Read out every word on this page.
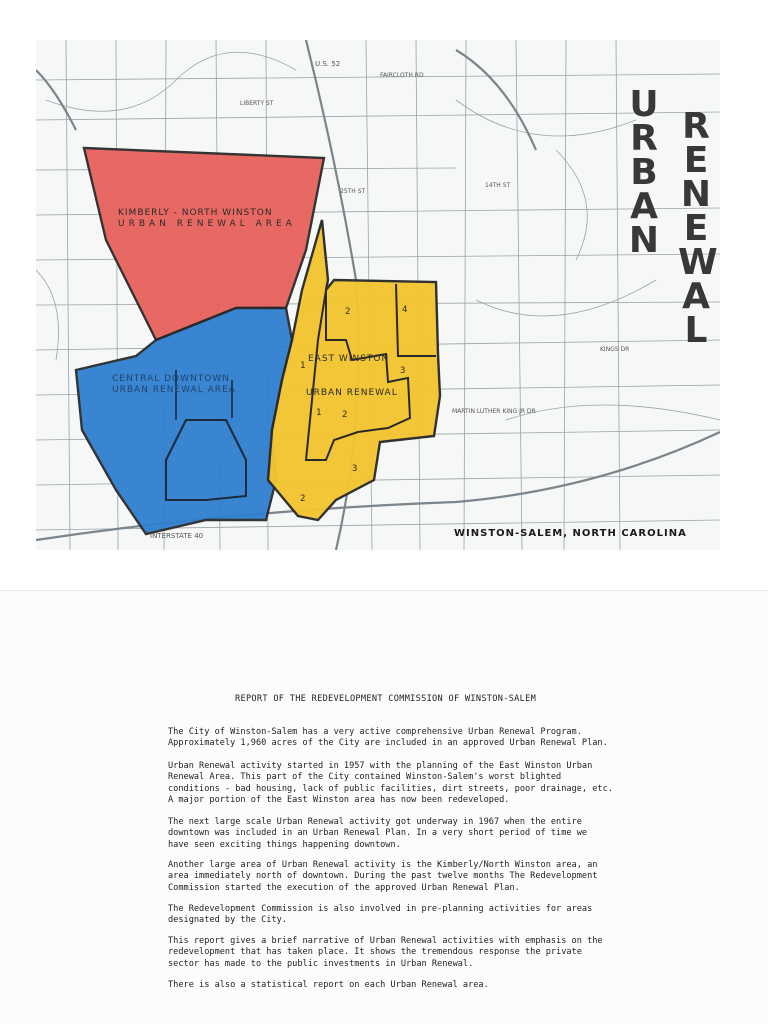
KIMBERLY - NORTH WINSTON
URBAN RENEWAL AREA
CENTRAL DOWNTOWN
URBAN RENEWAL AREA
EAST WINSTON
URBAN RENEWAL
2	4
1	3
1 2
3
2
INTERSTATE 40
U.S. 52
FAIRCLOTH RD
14TH ST
25TH ST
LIBERTY ST
KINGS DR
MARTIN LUTHER KING JR DR
U
R
B
A
N
R
E
N
E
W
A
L
WINSTON-SALEM, NORTH CAROLINA
REPORT OF THE REDEVELOPMENT COMMISSION OF WINSTON-SALEM
The City of Winston-Salem has a very active comprehensive Urban Renewal Program.
Approximately 1,960 acres of the City are included in an approved Urban Renewal Plan.
Urban Renewal activity started in 1957 with the planning of the East Winston Urban
Renewal Area. This part of the City contained Winston-Salem's worst blighted
conditions - bad housing, lack of public facilities, dirt streets, poor drainage, etc.
A major portion of the East Winston area has now been redeveloped.
The next large scale Urban Renewal activity got underway in 1967 when the entire
downtown was included in an Urban Renewal Plan. In a very short period of time we
have seen exciting things happening downtown.
Another large area of Urban Renewal activity is the Kimberly/North Winston area, an
area immediately north of downtown. During the past twelve months The Redevelopment
Commission started the execution of the approved Urban Renewal Plan.
The Redevelopment Commission is also involved in pre-planning activities for areas
designated by the City.
This report gives a brief narrative of Urban Renewal activities with emphasis on the
redevelopment that has taken place. It shows the tremendous response the private
sector has made to the public investments in Urban Renewal.
There is also a statistical report on each Urban Renewal area.
